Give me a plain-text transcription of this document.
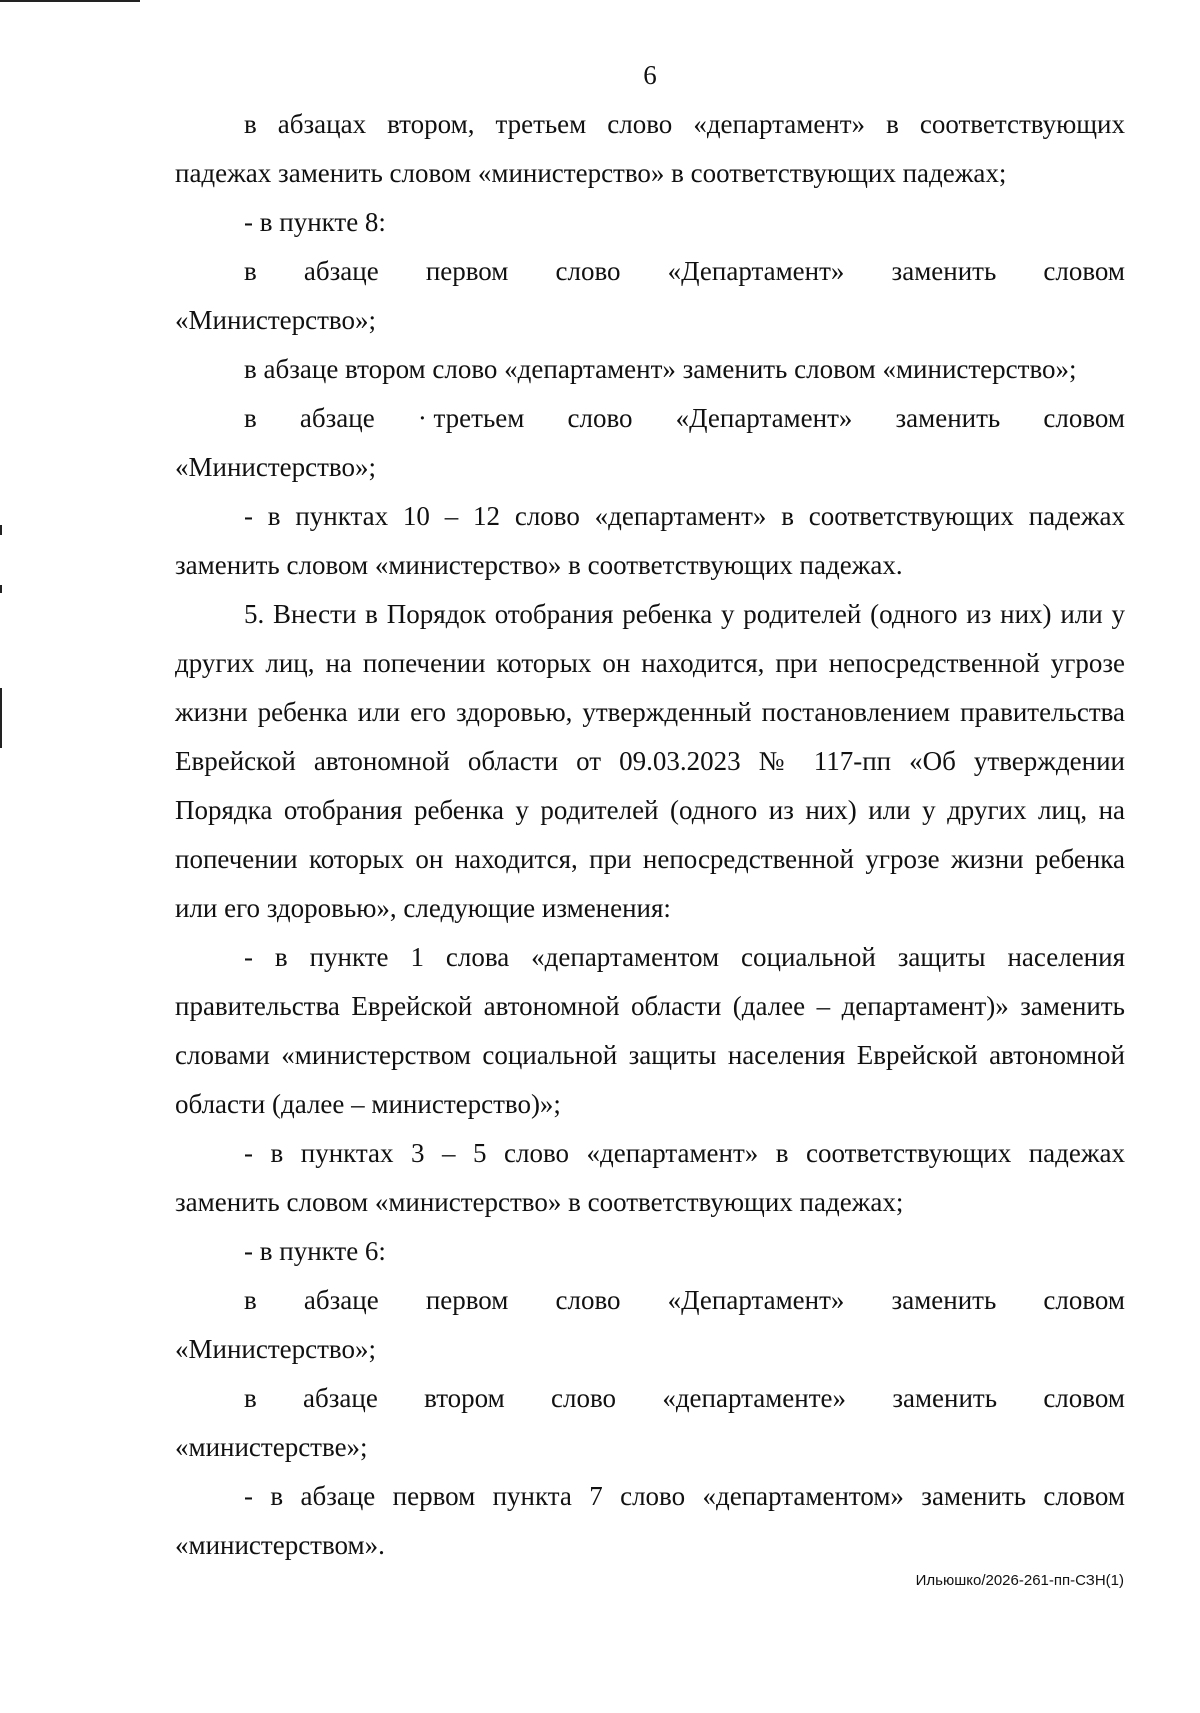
6

в абзацах втором, третьем слово «департамент» в соответствующих падежах заменить словом «министерство» в соответствующих падежах;

- в пункте 8:

в абзаце первом слово «Департамент» заменить словом
«Министерство»;

в абзаце втором слово «департамент» заменить словом «министерство»;

в абзаце · третьем слово «Департамент» заменить словом
«Министерство»;

- в пунктах 10 – 12 слово «департамент» в соответствующих падежах заменить словом «министерство» в соответствующих падежах.

5. Внести в Порядок отобрания ребенка у родителей (одного из них) или у других лиц, на попечении которых он находится, при непосредственной угрозе жизни ребенка или его здоровью, утвержденный постановлением правительства Еврейской автономной области от 09.03.2023 № 117-пп «Об утверждении Порядка отобрания ребенка у родителей (одного из них) или у других лиц, на попечении которых он находится, при непосредственной угрозе жизни ребенка или его здоровью», следующие изменения:

- в пункте 1 слова «департаментом социальной защиты населения правительства Еврейской автономной области (далее – департамент)» заменить словами «министерством социальной защиты населения Еврейской автономной области (далее – министерство)»;

- в пунктах 3 – 5 слово «департамент» в соответствующих падежах заменить словом «министерство» в соответствующих падежах;

- в пункте 6:

в абзаце первом слово «Департамент» заменить словом
«Министерство»;
в абзаце втором слово «департаменте» заменить словом
«министерстве»;

- в абзаце первом пункта 7 слово «департаментом» заменить словом «министерством».

Ильюшко/2026-261-пп-СЗН(1)
